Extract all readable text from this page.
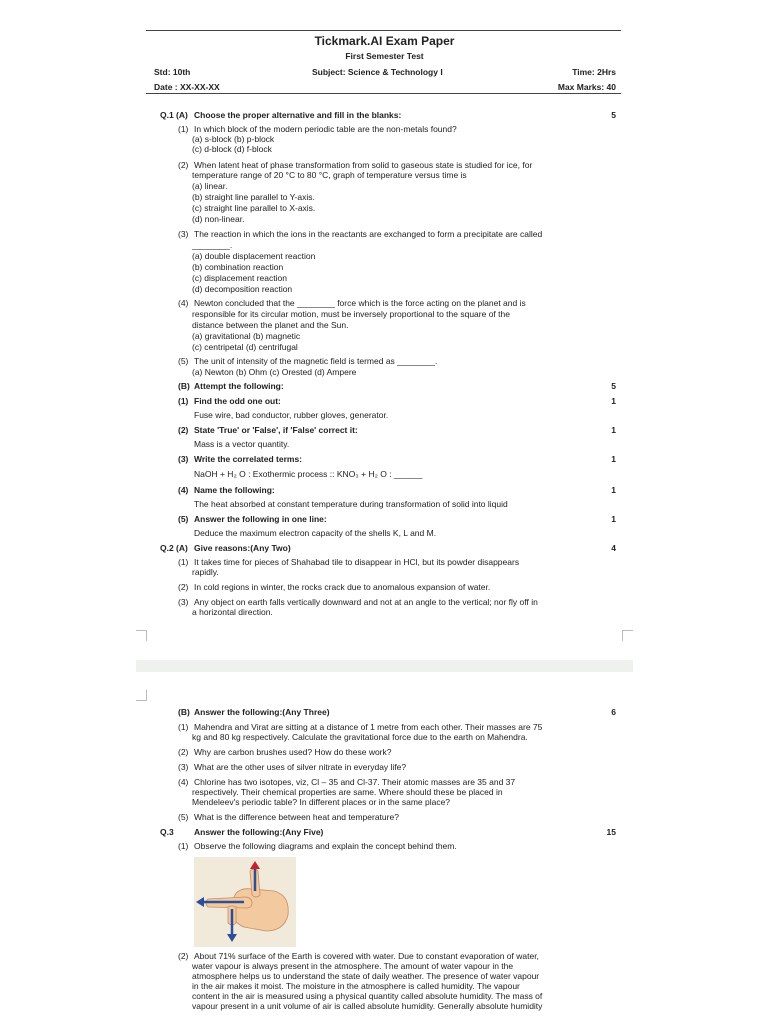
Tickmark.AI Exam Paper
First Semester Test
Std: 10th	Subject: Science & Technology I	Time: 2Hrs
Date : XX-XX-XX	Max Marks: 40
Q.1 (A) Choose the proper alternative and fill in the blanks:	5
(1) In which block of the modern periodic table are the non-metals found?
(a) s-block (b) p-block
(c) d-block (d) f-block
(2) When latent heat of phase transformation from solid to gaseous state is studied for ice, for
temperature range of 20 °C to 80 °C, graph of temperature versus time is
(a) linear.
(b) straight line parallel to Y-axis.
(c) straight line parallel to X-axis.
(d) non-linear.
(3) The reaction in which the ions in the reactants are exchanged to form a precipitate are called
________.
(a) double displacement reaction
(b) combination reaction
(c) displacement reaction
(d) decomposition reaction
(4) Newton concluded that the ________ force which is the force acting on the planet and is
responsible for its circular motion, must be inversely proportional to the square of the
distance between the planet and the Sun.
(a) gravitational (b) magnetic
(c) centripetal (d) centrifugal
(5) The unit of intensity of the magnetic field is termed as ________.
(a) Newton (b) Ohm (c) Orested (d) Ampere
(B) Attempt the following:	5
(1) Find the odd one out:	1
Fuse wire, bad conductor, rubber gloves, generator.
(2) State 'True' or 'False', if 'False' correct it:	1
Mass is a vector quantity.
(3) Write the correlated terms:	1
NaOH + H₂ O : Exothermic process :: KNO₃ + H₂ O : ______
(4) Name the following:	1
The heat absorbed at constant temperature during transformation of solid into liquid
(5) Answer the following in one line:	1
Deduce the maximum electron capacity of the shells K, L and M.
Q.2 (A) Give reasons:(Any Two)	4
(1) It takes time for pieces of Shahabad tile to disappear in HCl, but its powder disappears
rapidly.
(2) In cold regions in winter, the rocks crack due to anomalous expansion of water.
(3) Any object on earth falls vertically downward and not at an angle to the vertical; nor fly off in
a horizontal direction.
(B) Answer the following:(Any Three)	6
(1) Mahendra and Virat are sitting at a distance of 1 metre from each other. Their masses are 75
kg and 80 kg respectively. Calculate the gravitational force due to the earth on Mahendra.
(2) Why are carbon brushes used? How do these work?
(3) What are the other uses of silver nitrate in everyday life?
(4) Chlorine has two isotopes, viz, Cl – 35 and Cl-37. Their atomic masses are 35 and 37
respectively. Their chemical properties are same. Where should these be placed in
Mendeleev's periodic table? In different places or in the same place?
(5) What is the difference between heat and temperature?
Q.3 Answer the following:(Any Five)	15
(1) Observe the following diagrams and explain the concept behind them.
(2) About 71% surface of the Earth is covered with water. Due to constant evaporation of water,
water vapour is always present in the atmosphere. The amount of water vapour in the
atmosphere helps us to understand the state of daily weather. The presence of water vapour
in the air makes it moist. The moisture in the atmosphere is called humidity. The vapour
content in the air is measured using a physical quantity called absolute humidity. The mass of
vapour present in a unit volume of air is called absolute humidity. Generally absolute humidity
